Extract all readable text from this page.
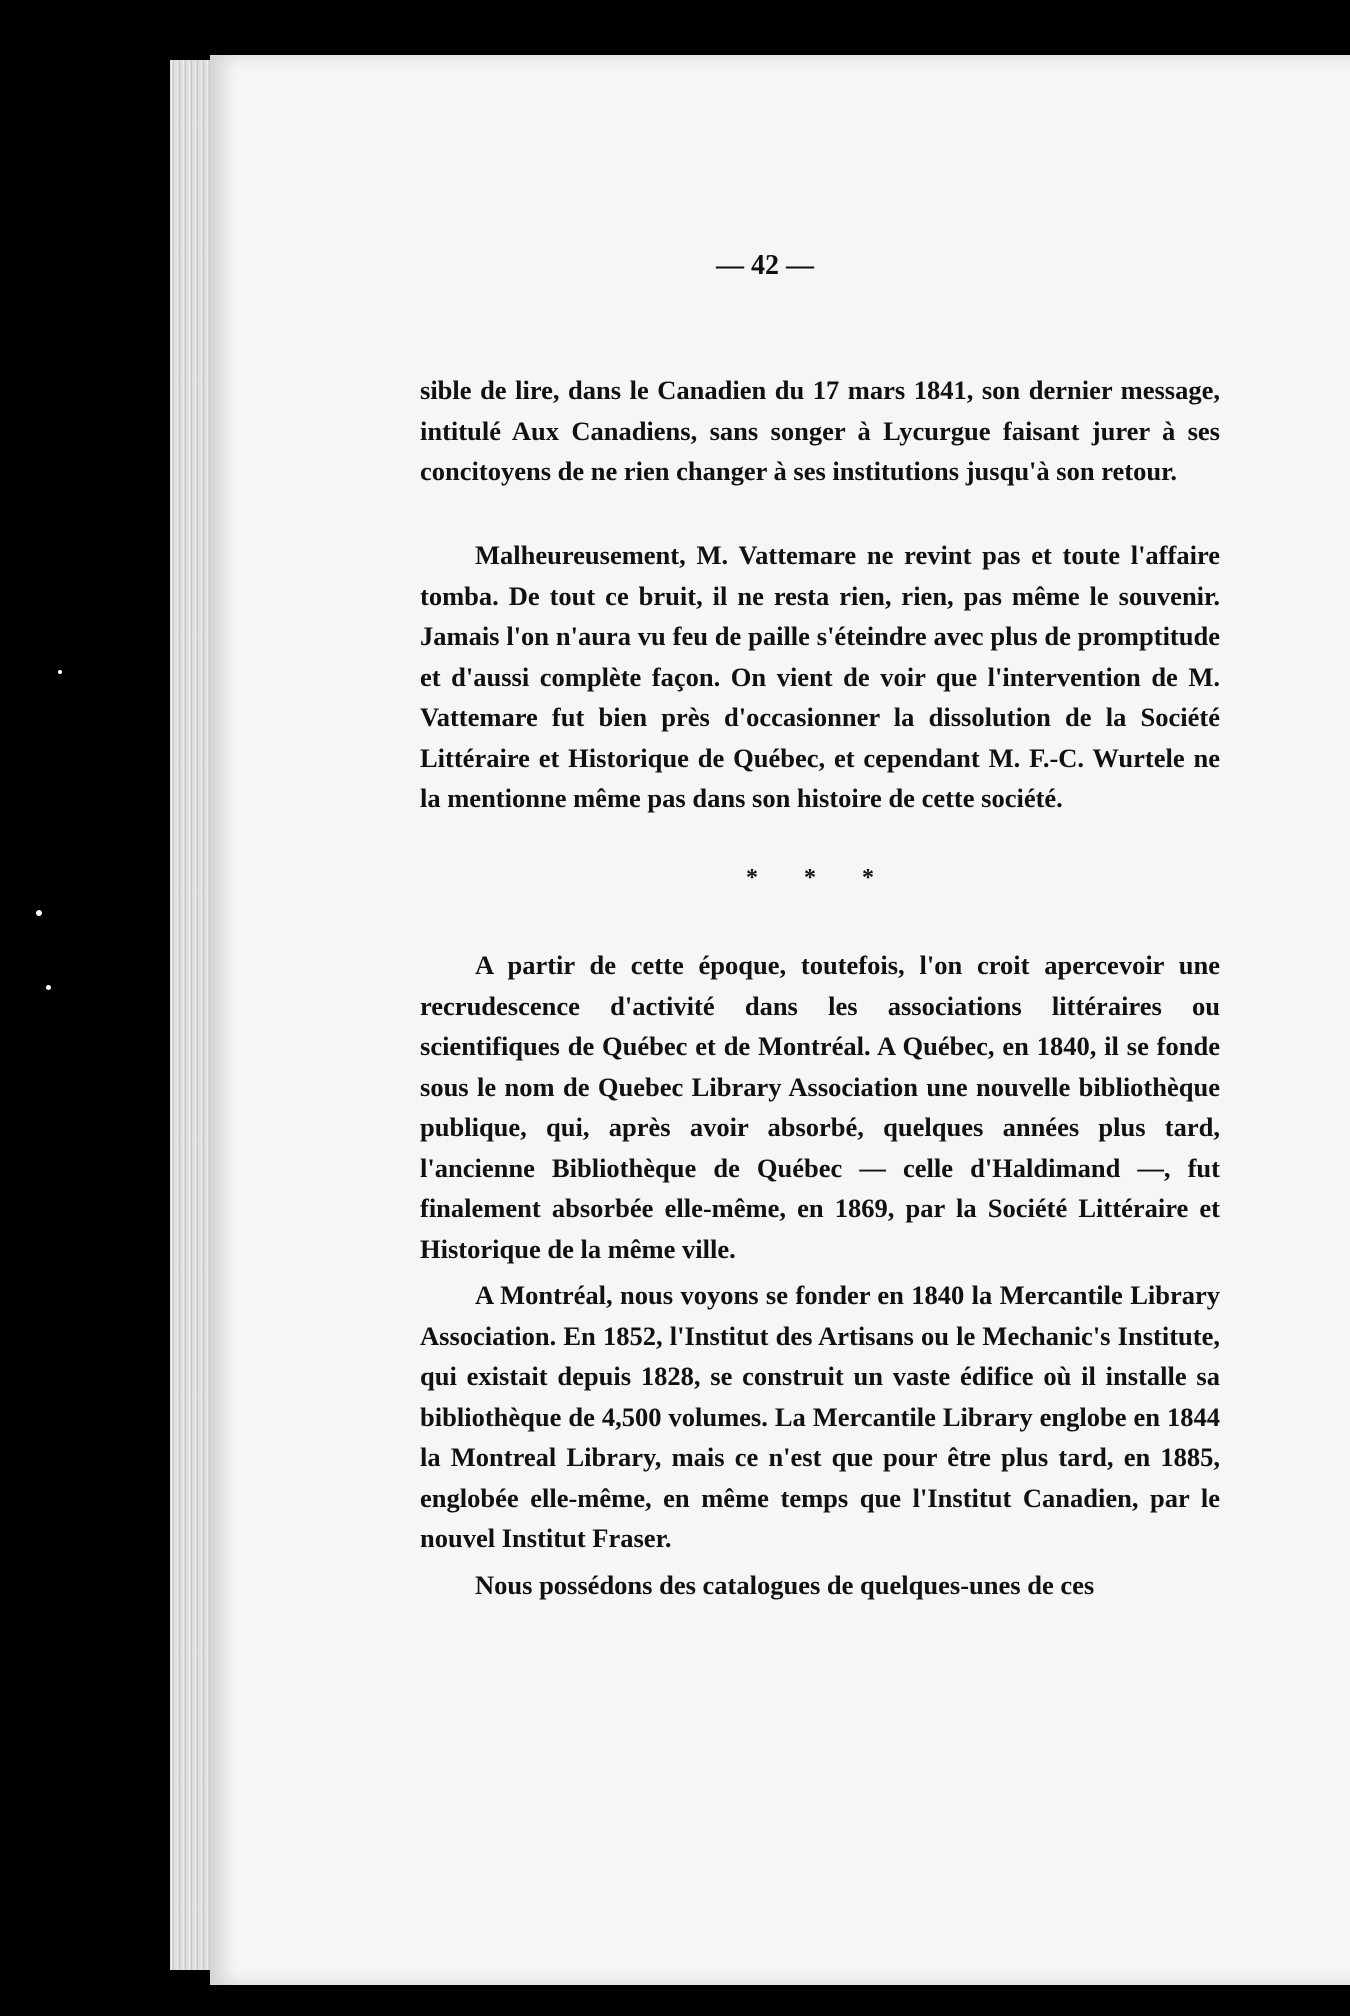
— 42 —

sible de lire, dans le Canadien du 17 mars 1841, son dernier message, intitulé Aux Canadiens, sans songer à Lycurgue faisant jurer à ses concitoyens de ne rien changer à ses institutions jusqu'à son retour.

Malheureusement, M. Vattemare ne revint pas et toute l'affaire tomba. De tout ce bruit, il ne resta rien, rien, pas même le souvenir. Jamais l'on n'aura vu feu de paille s'éteindre avec plus de promptitude et d'aussi complète façon. On vient de voir que l'intervention de M. Vattemare fut bien près d'occasionner la dissolution de la Société Littéraire et Historique de Québec, et cependant M. F.-C. Wurtele ne la mentionne même pas dans son histoire de cette société.

* * *

A partir de cette époque, toutefois, l'on croit apercevoir une recrudescence d'activité dans les associations littéraires ou scientifiques de Québec et de Montréal. A Québec, en 1840, il se fonde sous le nom de Quebec Library Association une nouvelle bibliothèque publique, qui, après avoir absorbé, quelques années plus tard, l'ancienne Bibliothèque de Québec — celle d'Haldimand —, fut finalement absorbée elle-même, en 1869, par la Société Littéraire et Historique de la même ville.

A Montréal, nous voyons se fonder en 1840 la Mercantile Library Association. En 1852, l'Institut des Artisans ou le Mechanic's Institute, qui existait depuis 1828, se construit un vaste édifice où il installe sa bibliothèque de 4,500 volumes. La Mercantile Library englobe en 1844 la Montreal Library, mais ce n'est que pour être plus tard, en 1885, englobée elle-même, en même temps que l'Institut Canadien, par le nouvel Institut Fraser.

Nous possédons des catalogues de quelques-unes de ces
